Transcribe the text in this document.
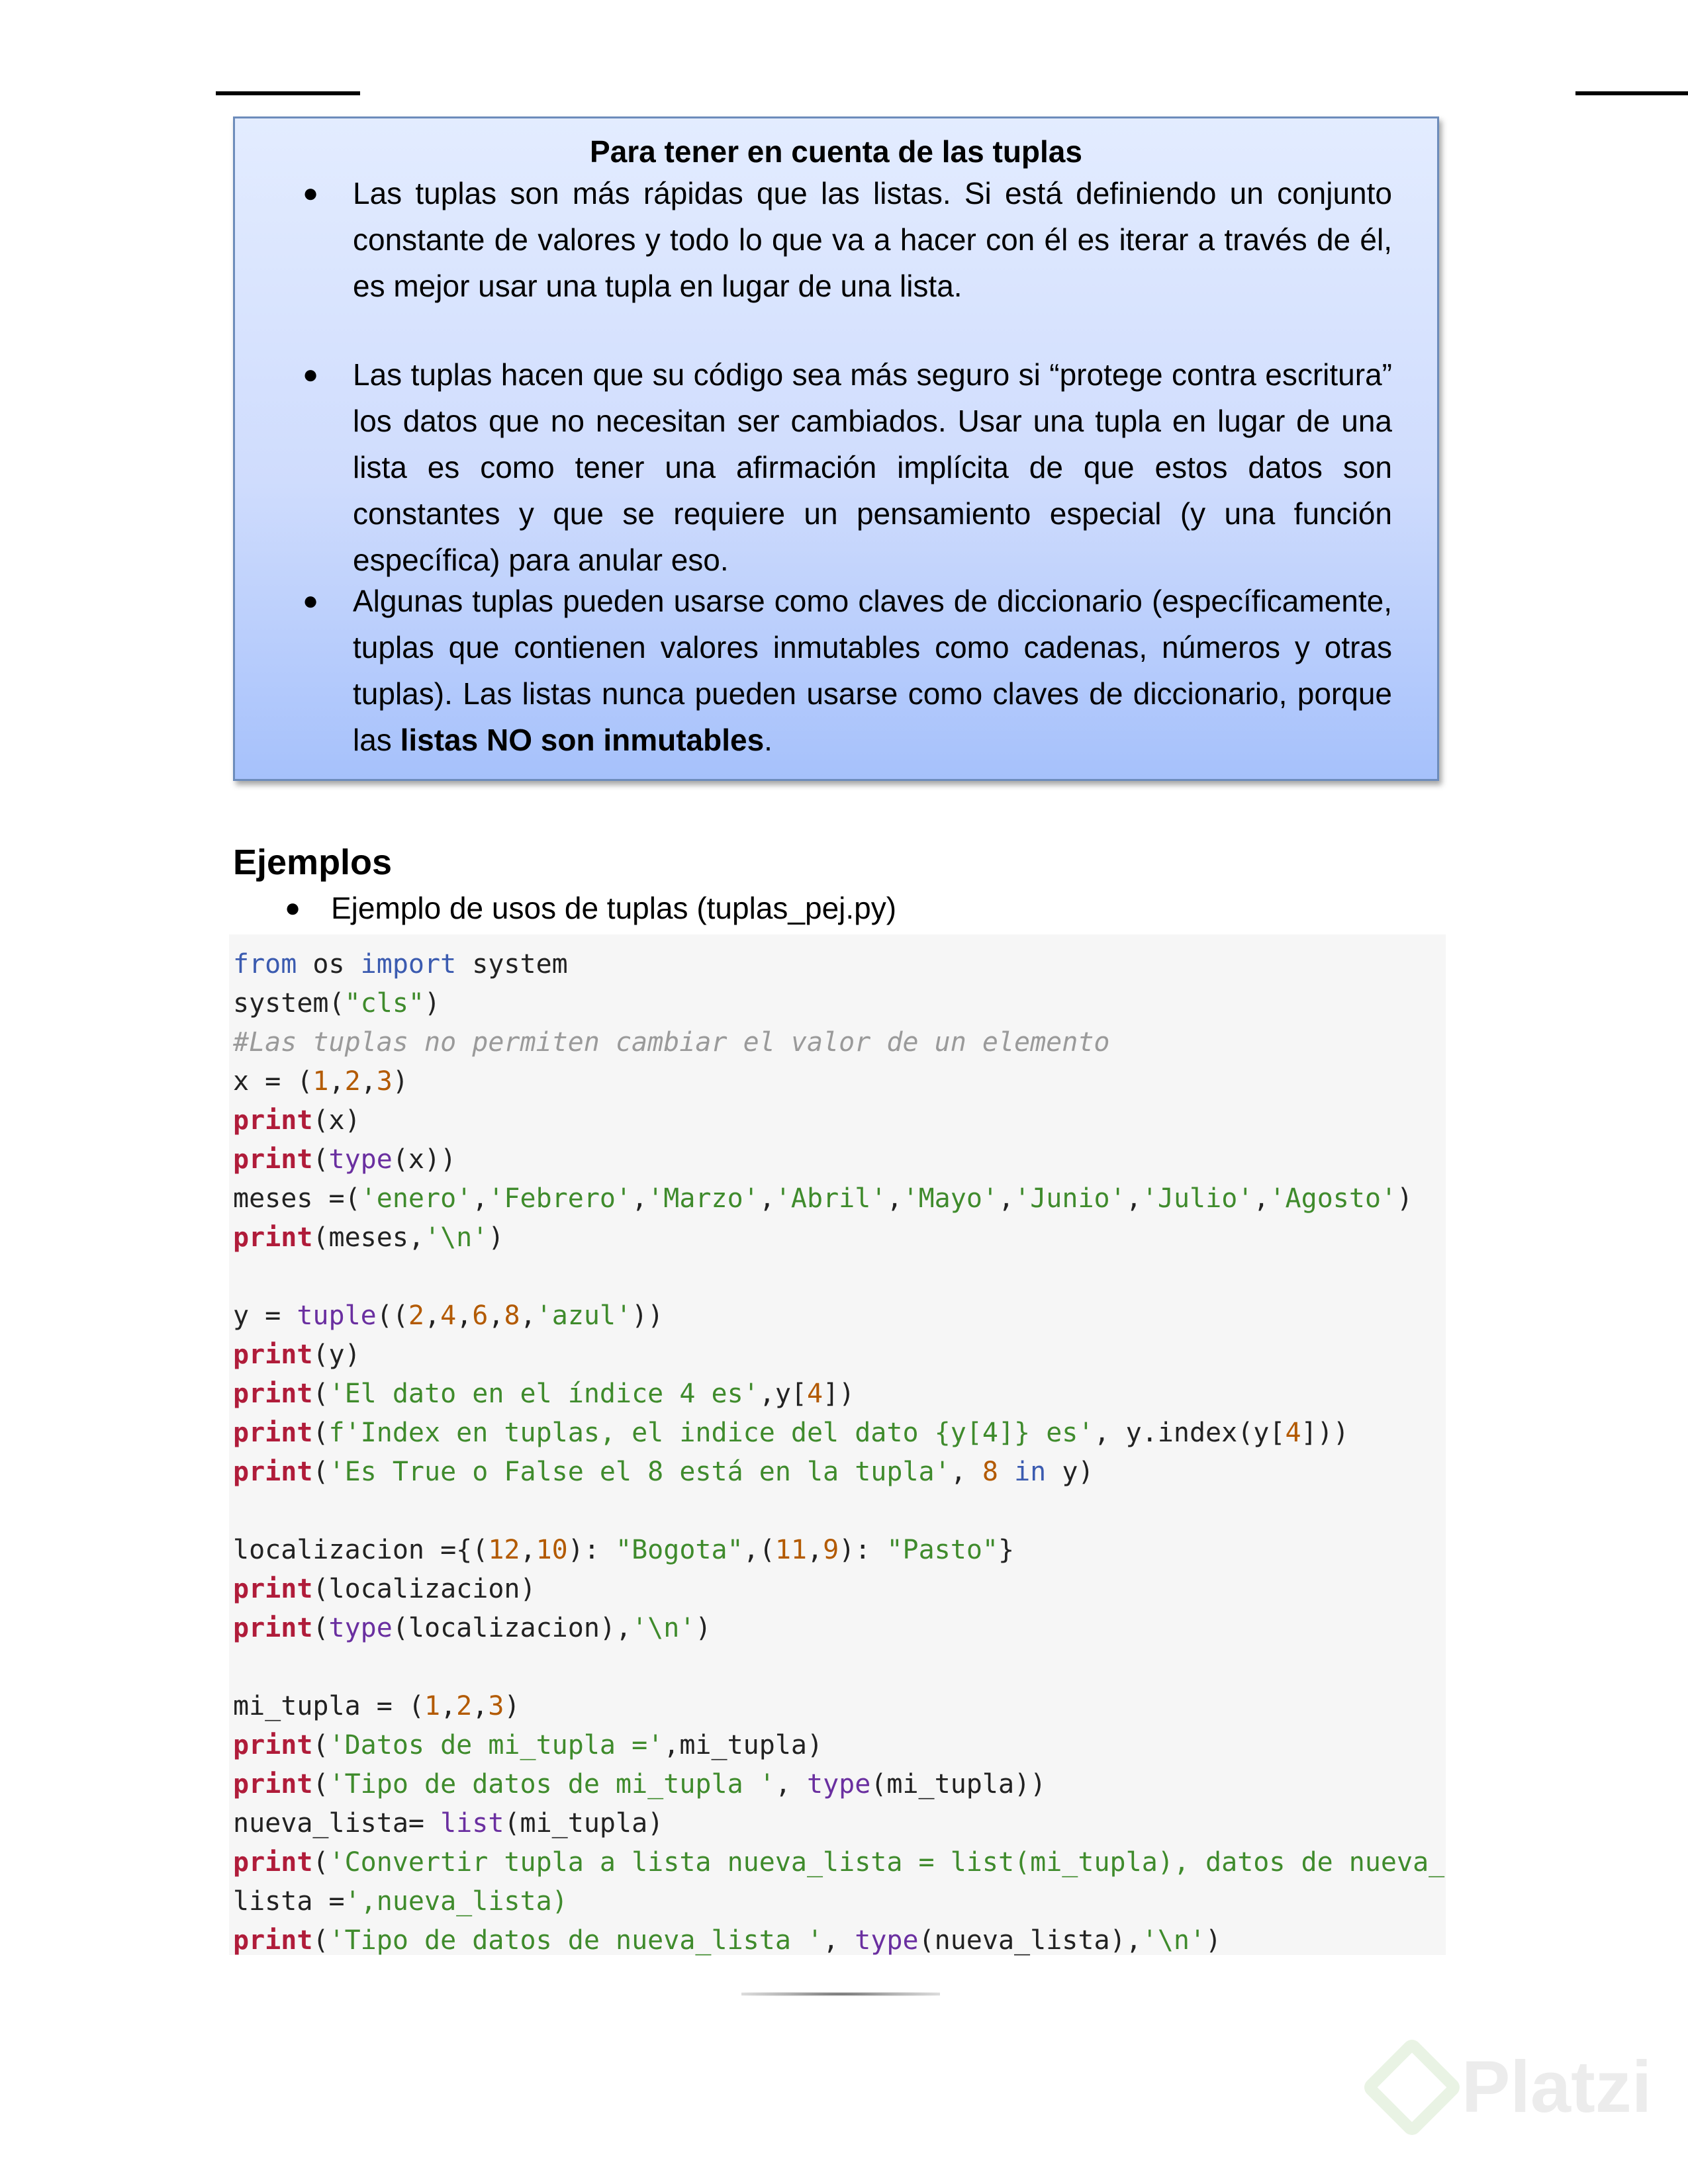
Para tener en cuenta de las tuplas
● Las tuplas son más rápidas que las listas. Si está definiendo un conjunto constante de valores y todo lo que va a hacer con él es iterar a través de él, es mejor usar una tupla en lugar de una lista.
● Las tuplas hacen que su código sea más seguro si “protege contra escritura” los datos que no necesitan ser cambiados. Usar una tupla en lugar de una lista es como tener una afirmación implícita de que estos datos son constantes y que se requiere un pensamiento especial (y una función específica) para anular eso.
● Algunas tuplas pueden usarse como claves de diccionario (específicamente, tuplas que contienen valores inmutables como cadenas, números y otras tuplas). Las listas nunca pueden usarse como claves de diccionario, porque las listas NO son inmutables.
Ejemplos
● Ejemplo de usos de tuplas (tuplas_pej.py)
from os import system
system("cls")
#Las tuplas no permiten cambiar el valor de un elemento
x = (1,2,3)
print(x)
print(type(x))
meses =('enero','Febrero','Marzo','Abril','Mayo','Junio','Julio','Agosto')
print(meses,'\n')
y = tuple((2,4,6,8,'azul'))
print(y)
print('El dato en el índice 4 es',y[4])
print(f'Index en tuplas, el indice del dato {y[4]} es', y.index(y[4]))
print('Es True o False el 8 está en la tupla', 8 in y)
localizacion ={(12,10): "Bogota",(11,9): "Pasto"}
print(localizacion)
print(type(localizacion),'\n')
mi_tupla = (1,2,3)
print('Datos de mi_tupla =',mi_tupla)
print('Tipo de datos de mi_tupla ', type(mi_tupla))
nueva_lista= list(mi_tupla)
print('Convertir tupla a lista nueva_lista = list(mi_tupla), datos de nueva_
lista =',nueva_lista)
print('Tipo de datos de nueva_lista ', type(nueva_lista),'\n')
Platzi
